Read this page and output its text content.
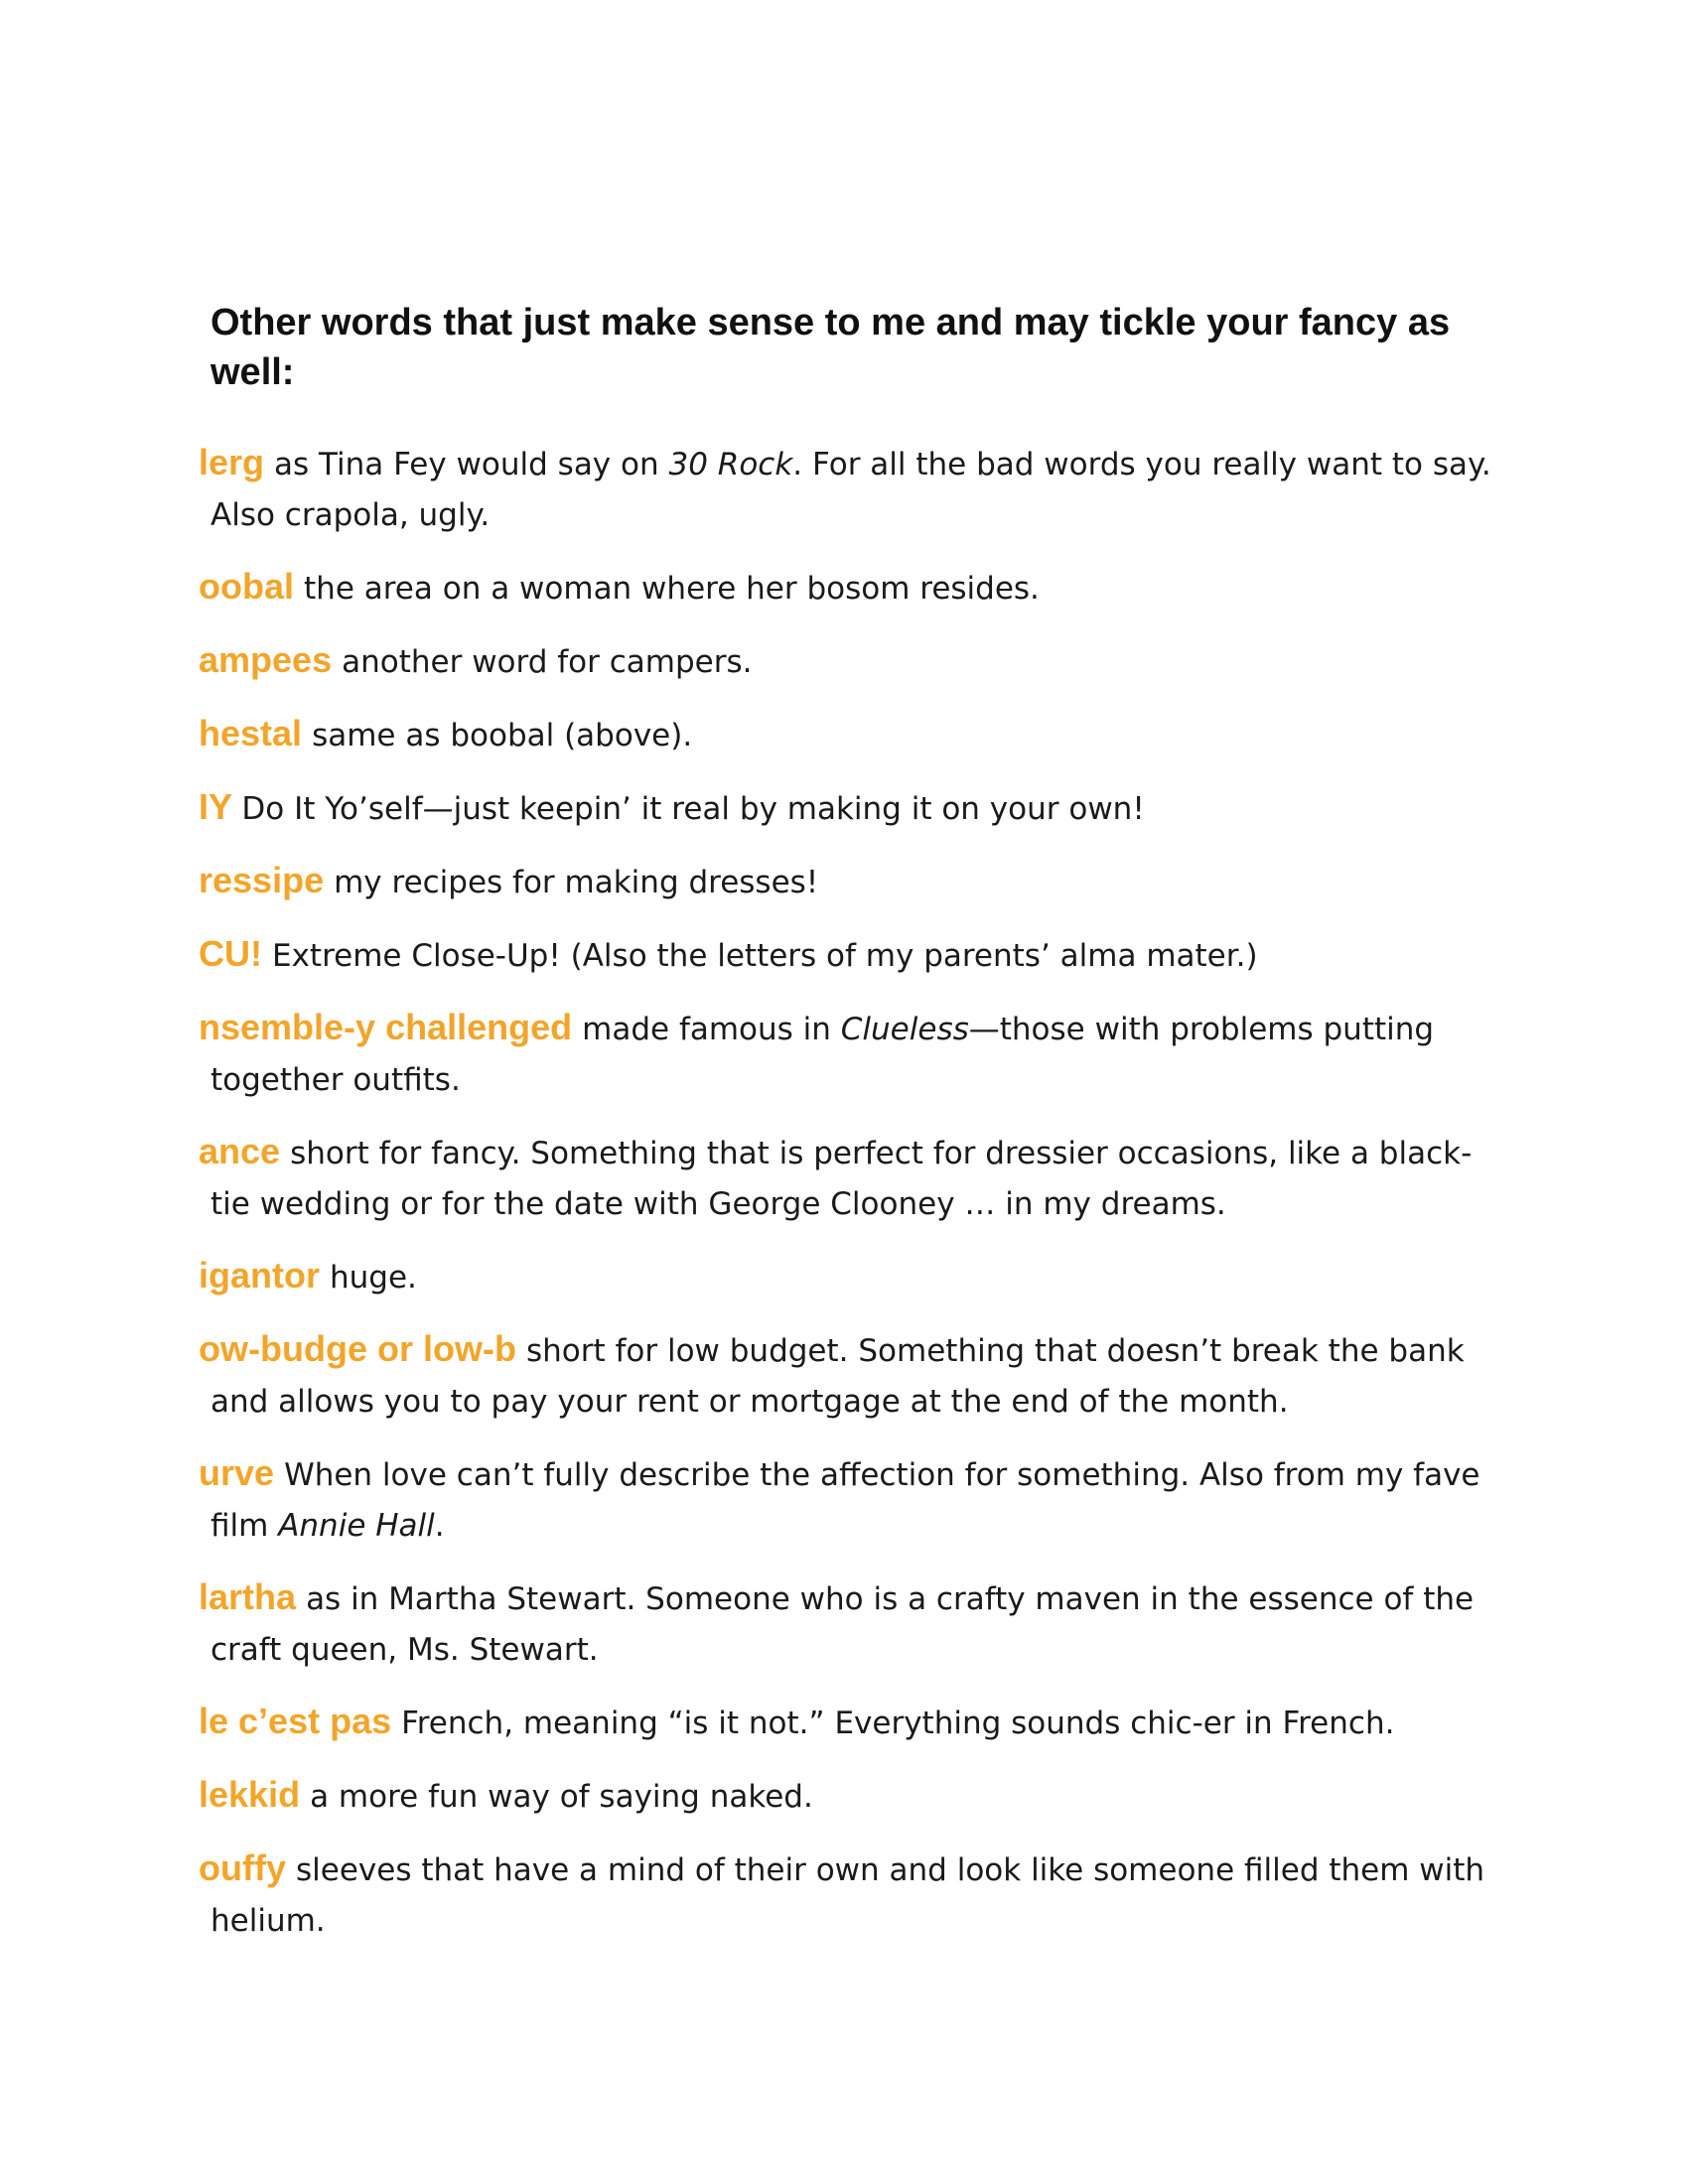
Other words that just make sense to me and may tickle your fancy as well:
lerg as Tina Fey would say on 30 Rock. For all the bad words you really want to say. Also crapola, ugly.
oobal the area on a woman where her bosom resides.
ampees another word for campers.
hestal same as boobal (above).
IY Do It Yo’self—just keepin’ it real by making it on your own!
ressipe my recipes for making dresses!
CU! Extreme Close-Up! (Also the letters of my parents’ alma mater.)
nsemble-y challenged made famous in Clueless—those with problems putting together outfits.
ance short for fancy. Something that is perfect for dressier occasions, like a black-tie wedding or for the date with George Clooney … in my dreams.
igantor huge.
ow-budge or low-b short for low budget. Something that doesn’t break the bank and allows you to pay your rent or mortgage at the end of the month.
urve When love can’t fully describe the affection for something. Also from my fave film Annie Hall.
lartha as in Martha Stewart. Someone who is a crafty maven in the essence of the craft queen, Ms. Stewart.
le c’est pas French, meaning “is it not.” Everything sounds chic-er in French.
lekkid a more fun way of saying naked.
ouffy sleeves that have a mind of their own and look like someone filled them with helium.
